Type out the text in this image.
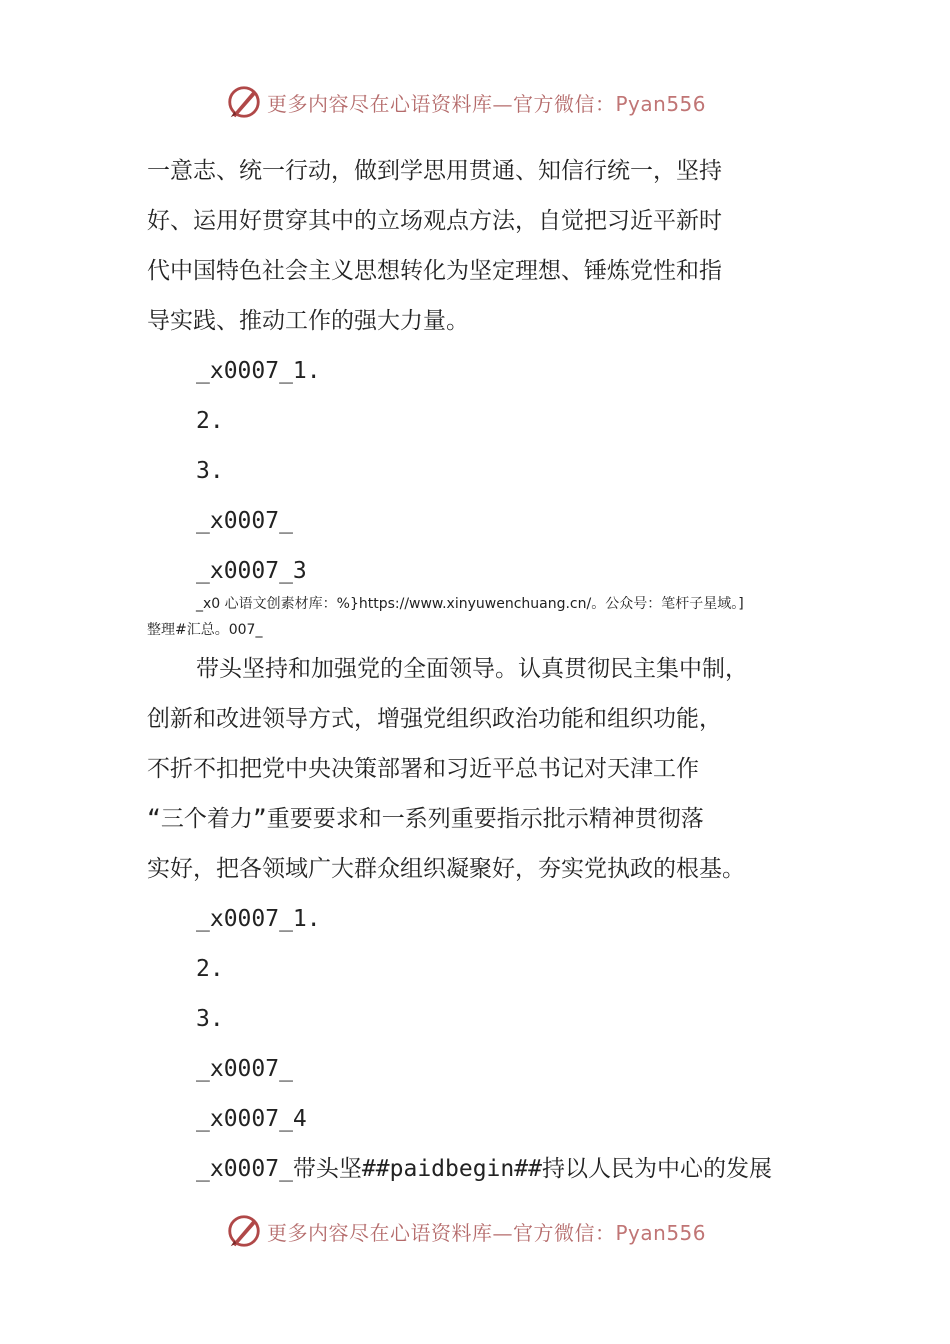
更多内容尽在心语资料库—官方微信：Pyan556
一意志、统一行动，做到学思用贯通、知信行统一，坚持
好、运用好贯穿其中的立场观点方法，自觉把习近平新时
代中国特色社会主义思想转化为坚定理想、锤炼党性和指
导实践、推动工作的强大力量。
_x0007_1.
2.
3.
_x0007_
_x0007_3
_x0 心语文创素材库：%}https://www.xinyuwenchuang.cn/。公众号：笔杆子星域。]
整理#汇总。007_
带头坚持和加强党的全面领导。认真贯彻民主集中制，
创新和改进领导方式，增强党组织政治功能和组织功能，
不折不扣把党中央决策部署和习近平总书记对天津工作
“三个着力”重要要求和一系列重要指示批示精神贯彻落
实好，把各领域广大群众组织凝聚好，夯实党执政的根基。
_x0007_1.
2.
3.
_x0007_
_x0007_4
_x0007_带头坚##paidbegin##持以人民为中心的发展
更多内容尽在心语资料库—官方微信：Pyan556
